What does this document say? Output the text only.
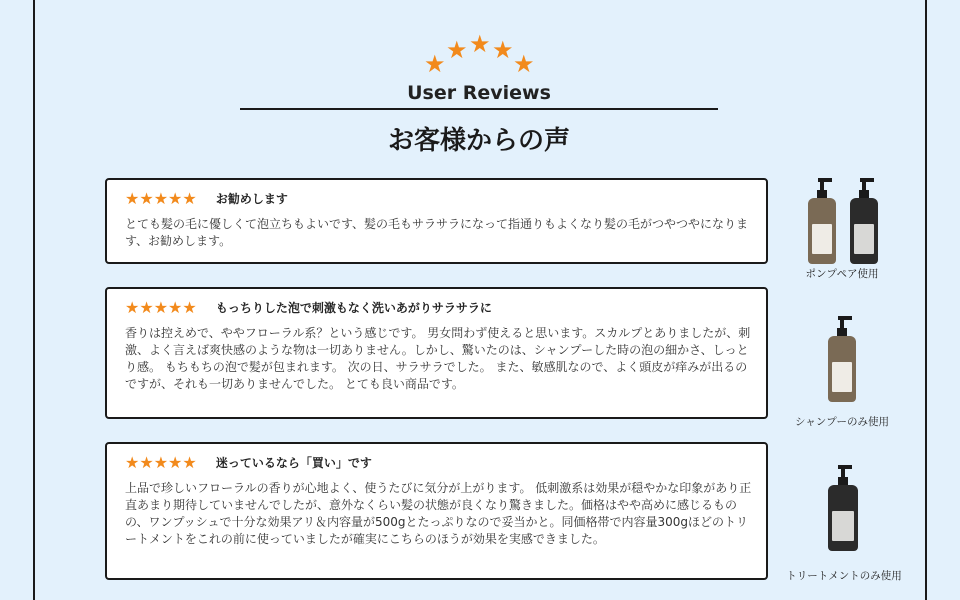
★ ★ ★ ★ ★
User Reviews
お客様からの声
★★★★★ お勧めします
とても髪の毛に優しくて泡立ちもよいです、髪の毛もサラサラになって指通りもよくなり髪の毛がつやつやになります、お勧めします。
★★★★★ もっちりした泡で刺激もなく洗いあがりサラサラに
香りは控えめで、ややフローラル系？という感じです。 男女問わず使えると思います。スカルプとありましたが、刺激、よく言えば爽快感のような物は一切ありません。しかし、驚いたのは、シャンプーした時の泡の細かさ、しっとり感。 もちもちの泡で髪が包まれます。 次の日、サラサラでした。 また、敏感肌なので、よく頭皮が痒みが出るのですが、それも一切ありませんでした。 とても良い商品です。
★★★★★ 迷っているなら「買い」です
上品で珍しいフローラルの香りが心地よく、使うたびに気分が上がります。 低刺激系は効果が穏やかな印象があり正直あまり期待していませんでしたが、意外なくらい髪の状態が良くなり驚きました。価格はやや高めに感じるものの、ワンプッシュで十分な効果アリ＆内容量が500gとたっぷりなので妥当かと。同価格帯で内容量300gほどのトリートメントをこれの前に使っていましたが確実にこちらのほうが効果を実感できました。
ポンプペア使用
シャンプーのみ使用
トリートメントのみ使用
